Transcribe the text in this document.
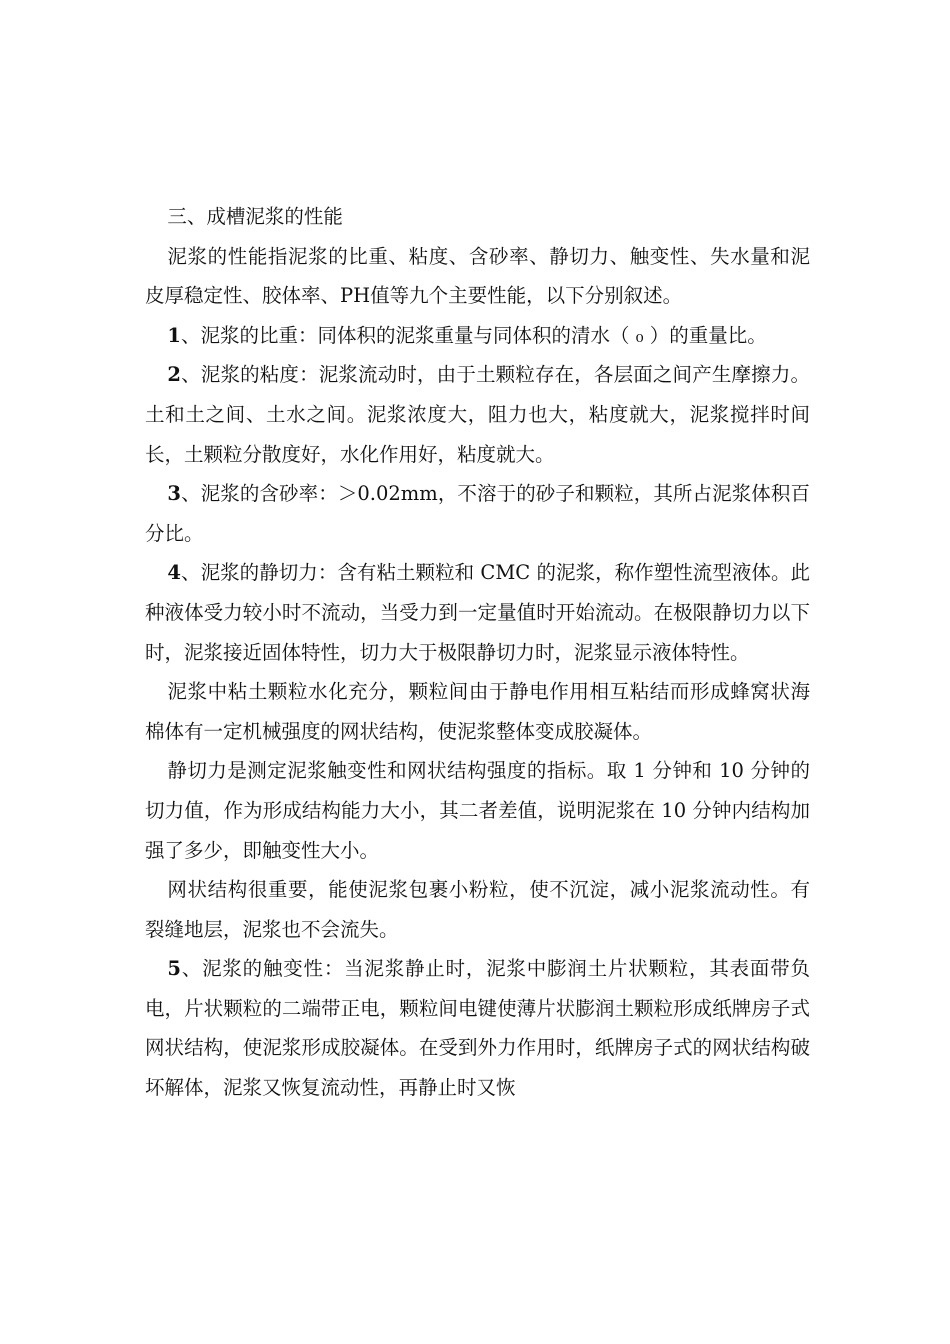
三、成槽泥浆的性能

泥浆的性能指泥浆的比重、粘度、含砂率、静切力、触变性、失水量和泥皮厚稳定性、胶体率、PH值等九个主要性能，以下分别叙述。

1、泥浆的比重：同体积的泥浆重量与同体积的清水（ ₀ ）的重量比。

2、泥浆的粘度：泥浆流动时，由于土颗粒存在，各层面之间产生摩擦力。土和土之间、土水之间。泥浆浓度大，阻力也大，粘度就大，泥浆搅拌时间长，土颗粒分散度好，水化作用好，粘度就大。

3、泥浆的含砂率：＞0.02mm，不溶于的砂子和颗粒，其所占泥浆体积百分比。

4、泥浆的静切力：含有粘土颗粒和 CMC 的泥浆，称作塑性流型液体。此种液体受力较小时不流动，当受力到一定量值时开始流动。在极限静切力以下时，泥浆接近固体特性，切力大于极限静切力时，泥浆显示液体特性。

泥浆中粘土颗粒水化充分，颗粒间由于静电作用相互粘结而形成蜂窝状海棉体有一定机械强度的网状结构，使泥浆整体变成胶凝体。

静切力是测定泥浆触变性和网状结构强度的指标。取 1 分钟和 10 分钟的切力值，作为形成结构能力大小，其二者差值，说明泥浆在 10 分钟内结构加强了多少，即触变性大小。

网状结构很重要，能使泥浆包裹小粉粒，使不沉淀，减小泥浆流动性。有裂缝地层，泥浆也不会流失。

5、泥浆的触变性：当泥浆静止时，泥浆中膨润土片状颗粒，其表面带负电，片状颗粒的二端带正电，颗粒间电键使薄片状膨润土颗粒形成纸牌房子式网状结构，使泥浆形成胶凝体。在受到外力作用时，纸牌房子式的网状结构破坏解体，泥浆又恢复流动性，再静止时又恢
